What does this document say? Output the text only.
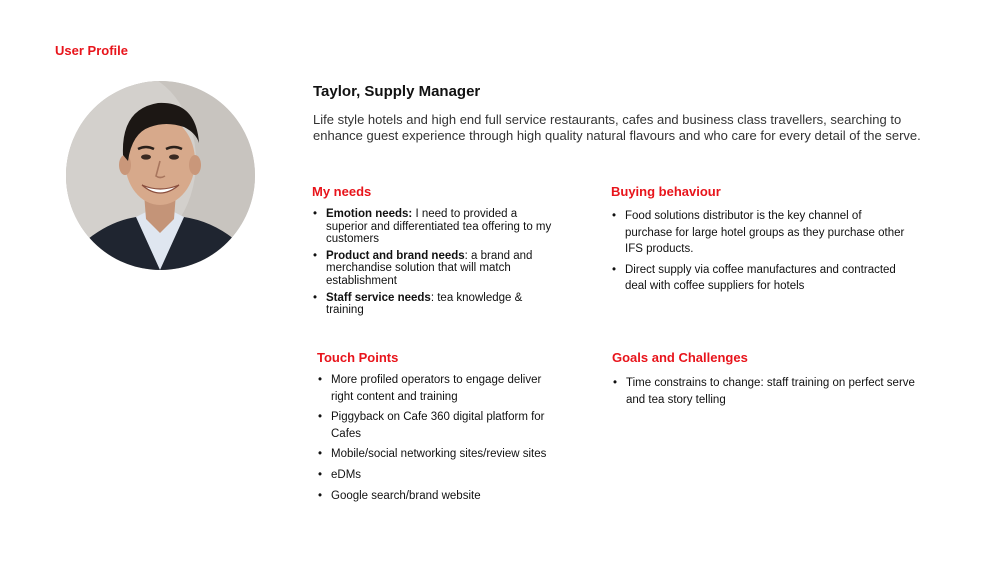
User Profile
Taylor, Supply Manager
Life style hotels and high end full service restaurants, cafes and business class travellers, searching to enhance guest experience through high quality natural flavours and who care for every detail of the serve.
My needs
• Emotion needs: I need to provided a superior and differentiated tea offering to my customers
• Product and brand needs: a brand and merchandise solution that will match establishment
• Staff service needs: tea knowledge & training
Buying behaviour
• Food solutions distributor is the key channel of purchase for large hotel groups as they purchase other IFS products.
• Direct supply via coffee manufactures and contracted deal with coffee suppliers for hotels
Touch Points
• More profiled operators to engage deliver right content and training
• Piggyback on Cafe 360 digital platform for Cafes
• Mobile/social networking sites/review sites
• eDMs
• Google search/brand website
Goals and Challenges
• Time constrains to change: staff training on perfect serve and tea story telling
